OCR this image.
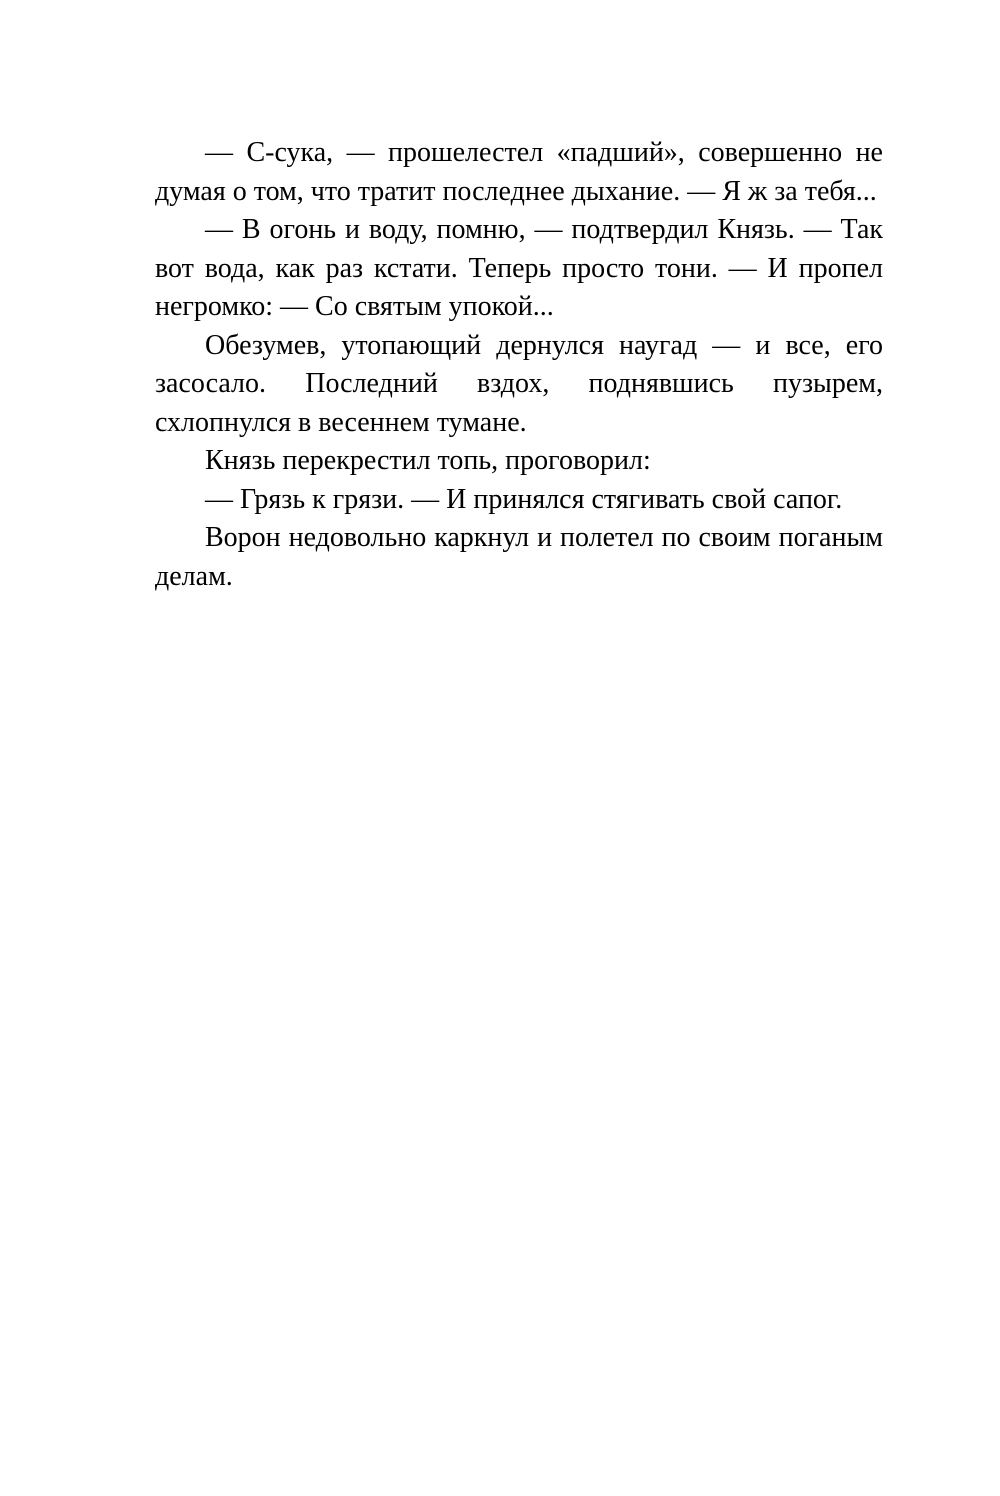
— С-сука, — прошелестел «падший», совершенно не думая о том, что тратит последнее дыхание. — Я ж за тебя...

— В огонь и воду, помню, — подтвердил Князь. — Так вот вода, как раз кстати. Теперь просто тони. — И пропел негромко: — Со святым упокой...

Обезумев, утопающий дернулся наугад — и все, его засосало. Последний вздох, поднявшись пузырем, схлопнулся в весеннем тумане.

Князь перекрестил топь, проговорил:

— Грязь к грязи. — И принялся стягивать свой сапог.

Ворон недовольно каркнул и полетел по своим поганым делам.
